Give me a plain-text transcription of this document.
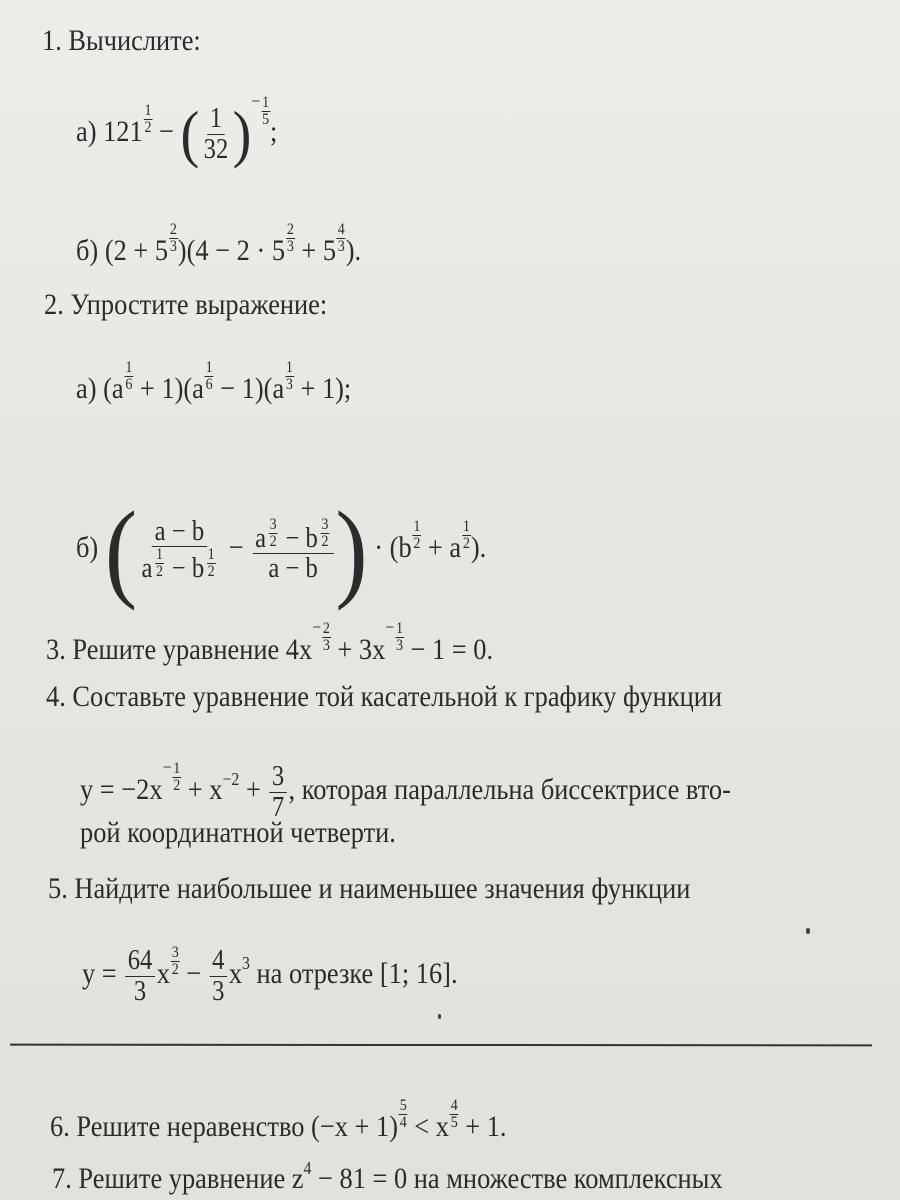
1. Вычислите:
а) $121 \frac{1}{2}$ − ( $\frac{1}{32} )^- \frac{1}{5}$
;
б) $(2 + 5 \frac{2}{3} )(4 - 2 \cdot 5 \frac{2}{3} + 5 \frac{4}{3}$ ).
2. Упростите выражение:
а) $(a \frac{1}{6} + 1)(a \frac{1}{6} - 1)(a \frac{1}{3} + 1)$;
б) ( $\frac{a - b}{a \frac{1}{2} - b \frac{1}{2}} - \frac{a \frac{3}{2} - b \frac{3}{2}}{a - b}$ ) · ($b \frac{1}{2} + a \frac{1}{2}$ ).
3. Решите уравнение $4x^- \frac{2}{3} + 3x^- \frac{1}{3} - 1 = 0$.
4. Составьте уравнение той касательной к графику функции
$y = -2x^- \frac{1}{2} + x^{-2} + \frac{3}{7}$ , которая параллельна биссектрисе вто-
рой координатной четверти.
5. Найдите наибольшее и наименьшее значения функции
$y = \frac{64}{3}$ x $\frac{3}{2} - \frac{4}{3} x^3$ на отрезке [1; 16].
6. Решите неравенство $(-x + 1) \frac{5}{4} < x \frac{4}{5} + 1$.
7. Решите уравнение $z^4 - 81 = 0$ на множестве комплексных
